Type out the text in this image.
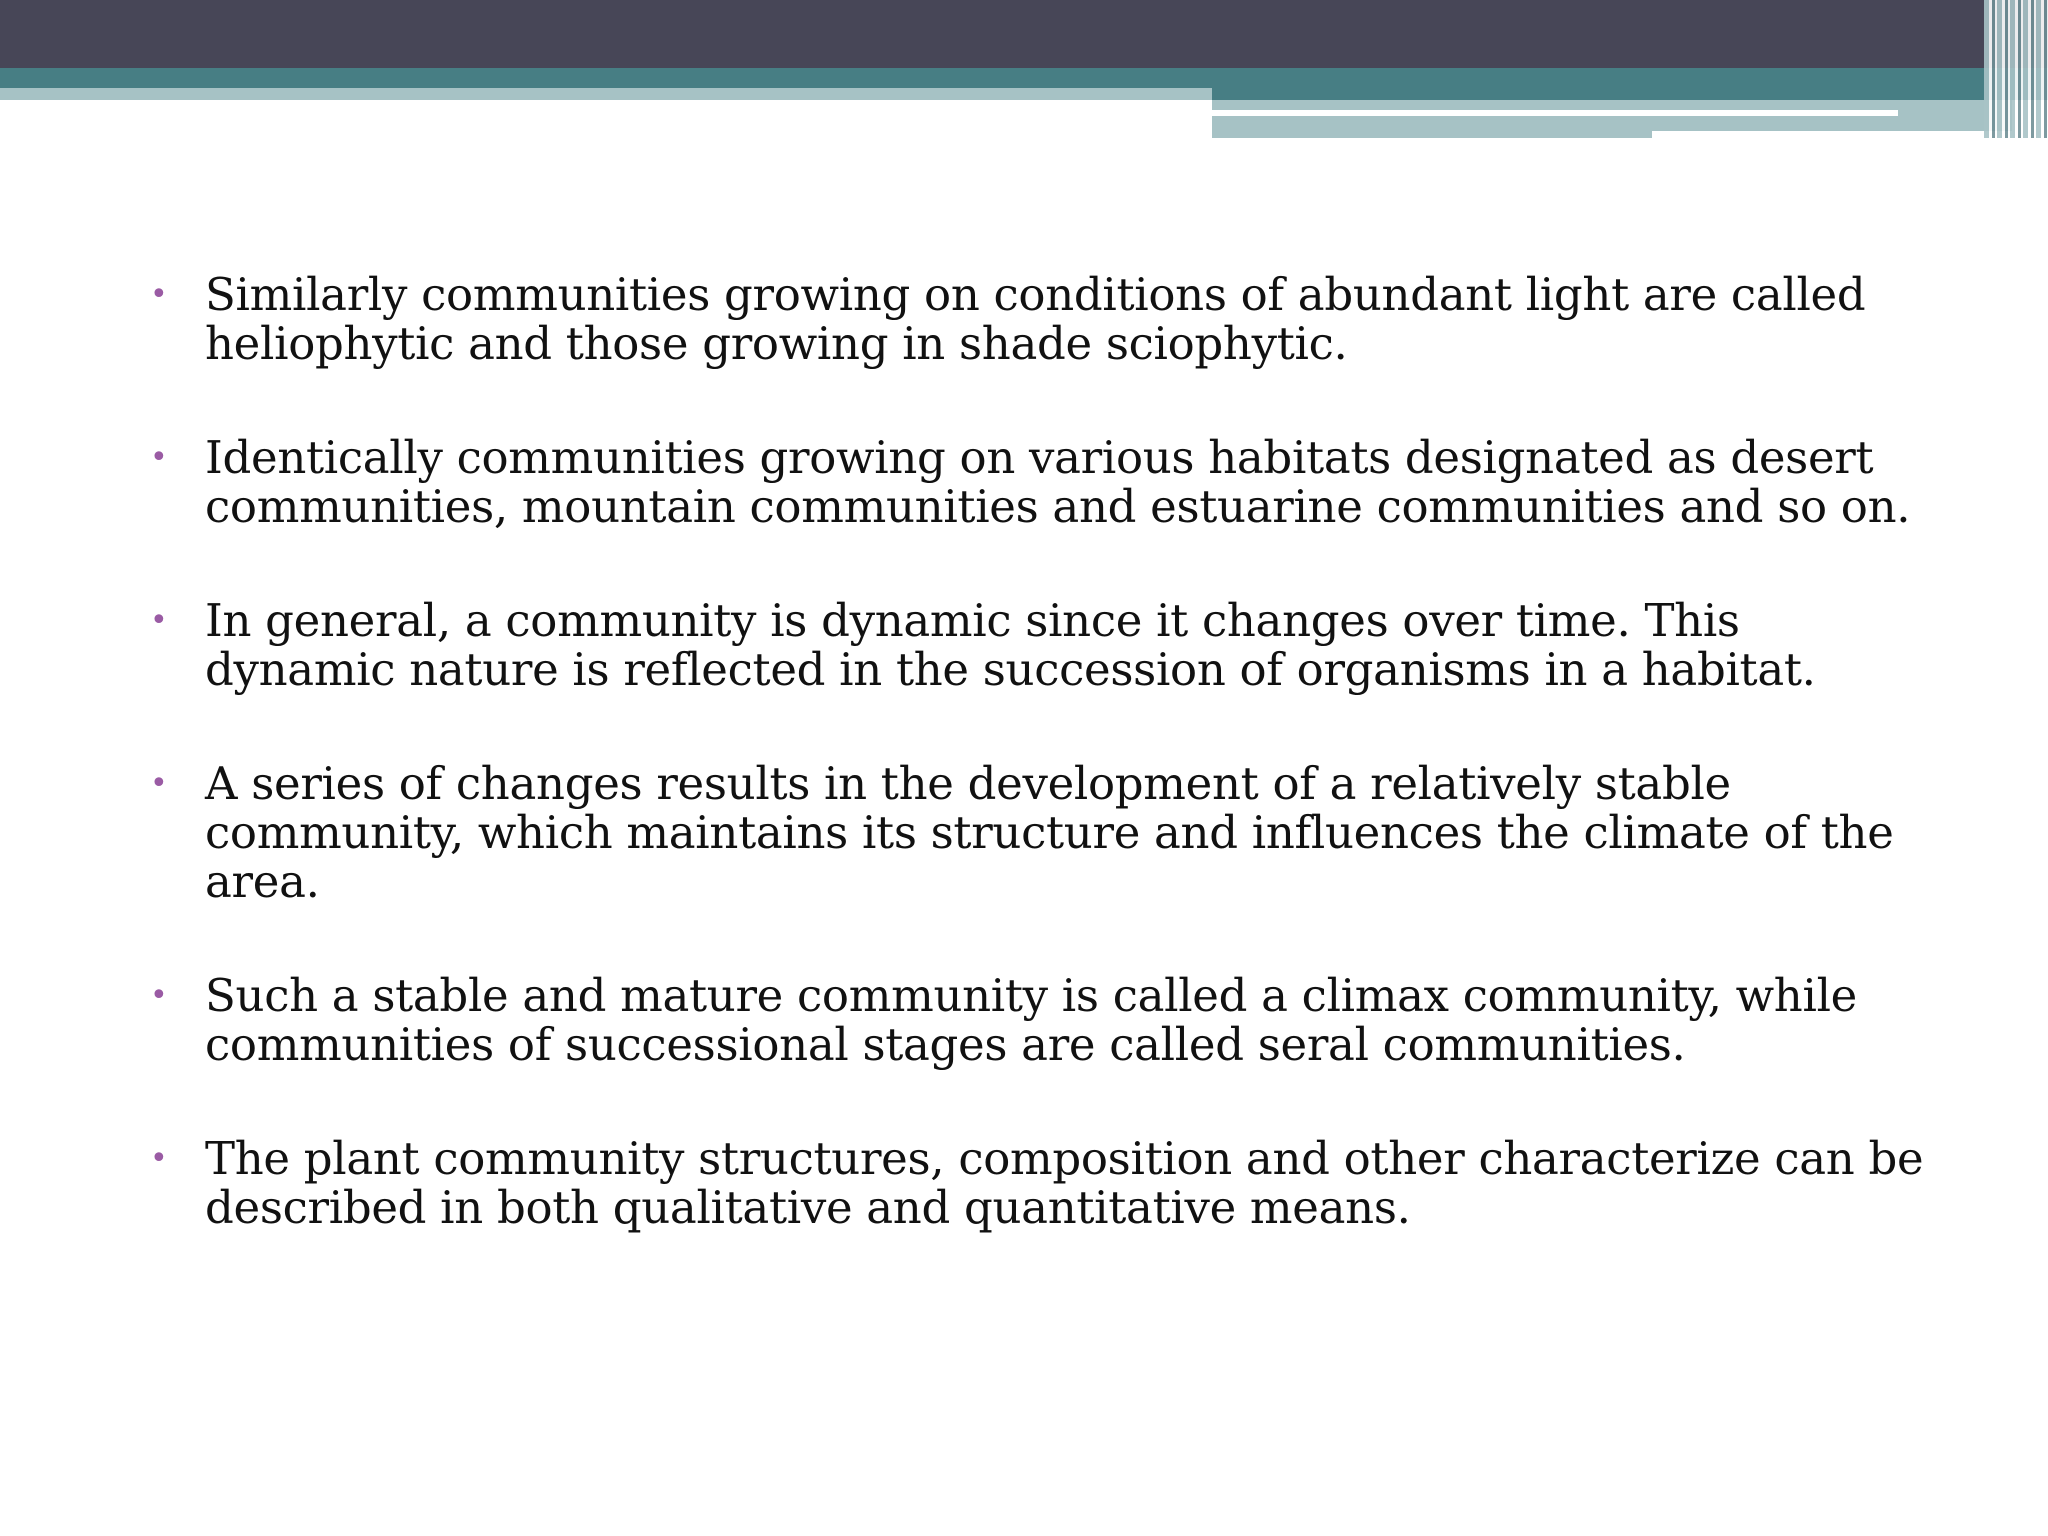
• Similarly communities growing on conditions of abundant light are called heliophytic and those growing in shade sciophytic.
• Identically communities growing on various habitats designated as desert communities, mountain communities and estuarine communities and so on.
• In general, a community is dynamic since it changes over time. This dynamic nature is reflected in the succession of organisms in a habitat.
• A series of changes results in the development of a relatively stable community, which maintains its structure and influences the climate of the area.
• Such a stable and mature community is called a climax community, while communities of successional stages are called seral communities.
• The plant community structures, composition and other characterize can be described in both qualitative and quantitative means.
